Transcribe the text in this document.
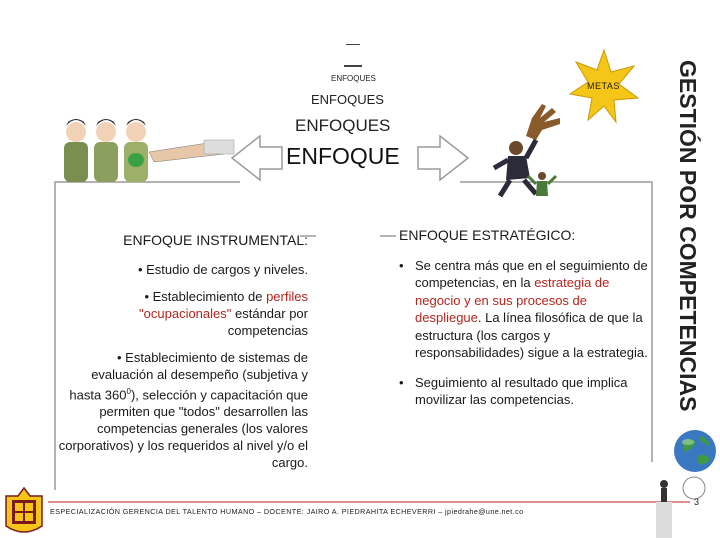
ENFOQUES
ENFOQUES
ENFOQUES
ENFOQUE
METAS GESTIÓN POR COMPETENCIAS
ENFOQUE INSTRUMENTAL:

• Estudio de cargos y niveles.

• Establecimiento de perfiles "ocupacionales" estándar por competencias

• Establecimiento de sistemas de evaluación al desempeño (subjetiva y hasta $360^0$), selección y capacitación que permiten que "todos" desarrollen las competencias generales (los valores corporativos) y los requeridos al nivel y/o el cargo.

ENFOQUE ESTRATÉGICO:
• Se centra más que en el seguimiento de competencias, en la estrategia de negocio y en sus procesos de despliegue. La línea filosófica de que la estructura (los cargos y responsabilidades) sigue a la estrategia.
• Seguimiento al resultado que implica movilizar las competencias.
3
ESPECIALIZACIÓN GERENCIA DEL TALENTO HUMANO – DOCENTE: JAIRO A. PIEDRAHITA ECHEVERRI – jpiedrahe@une.net.co
